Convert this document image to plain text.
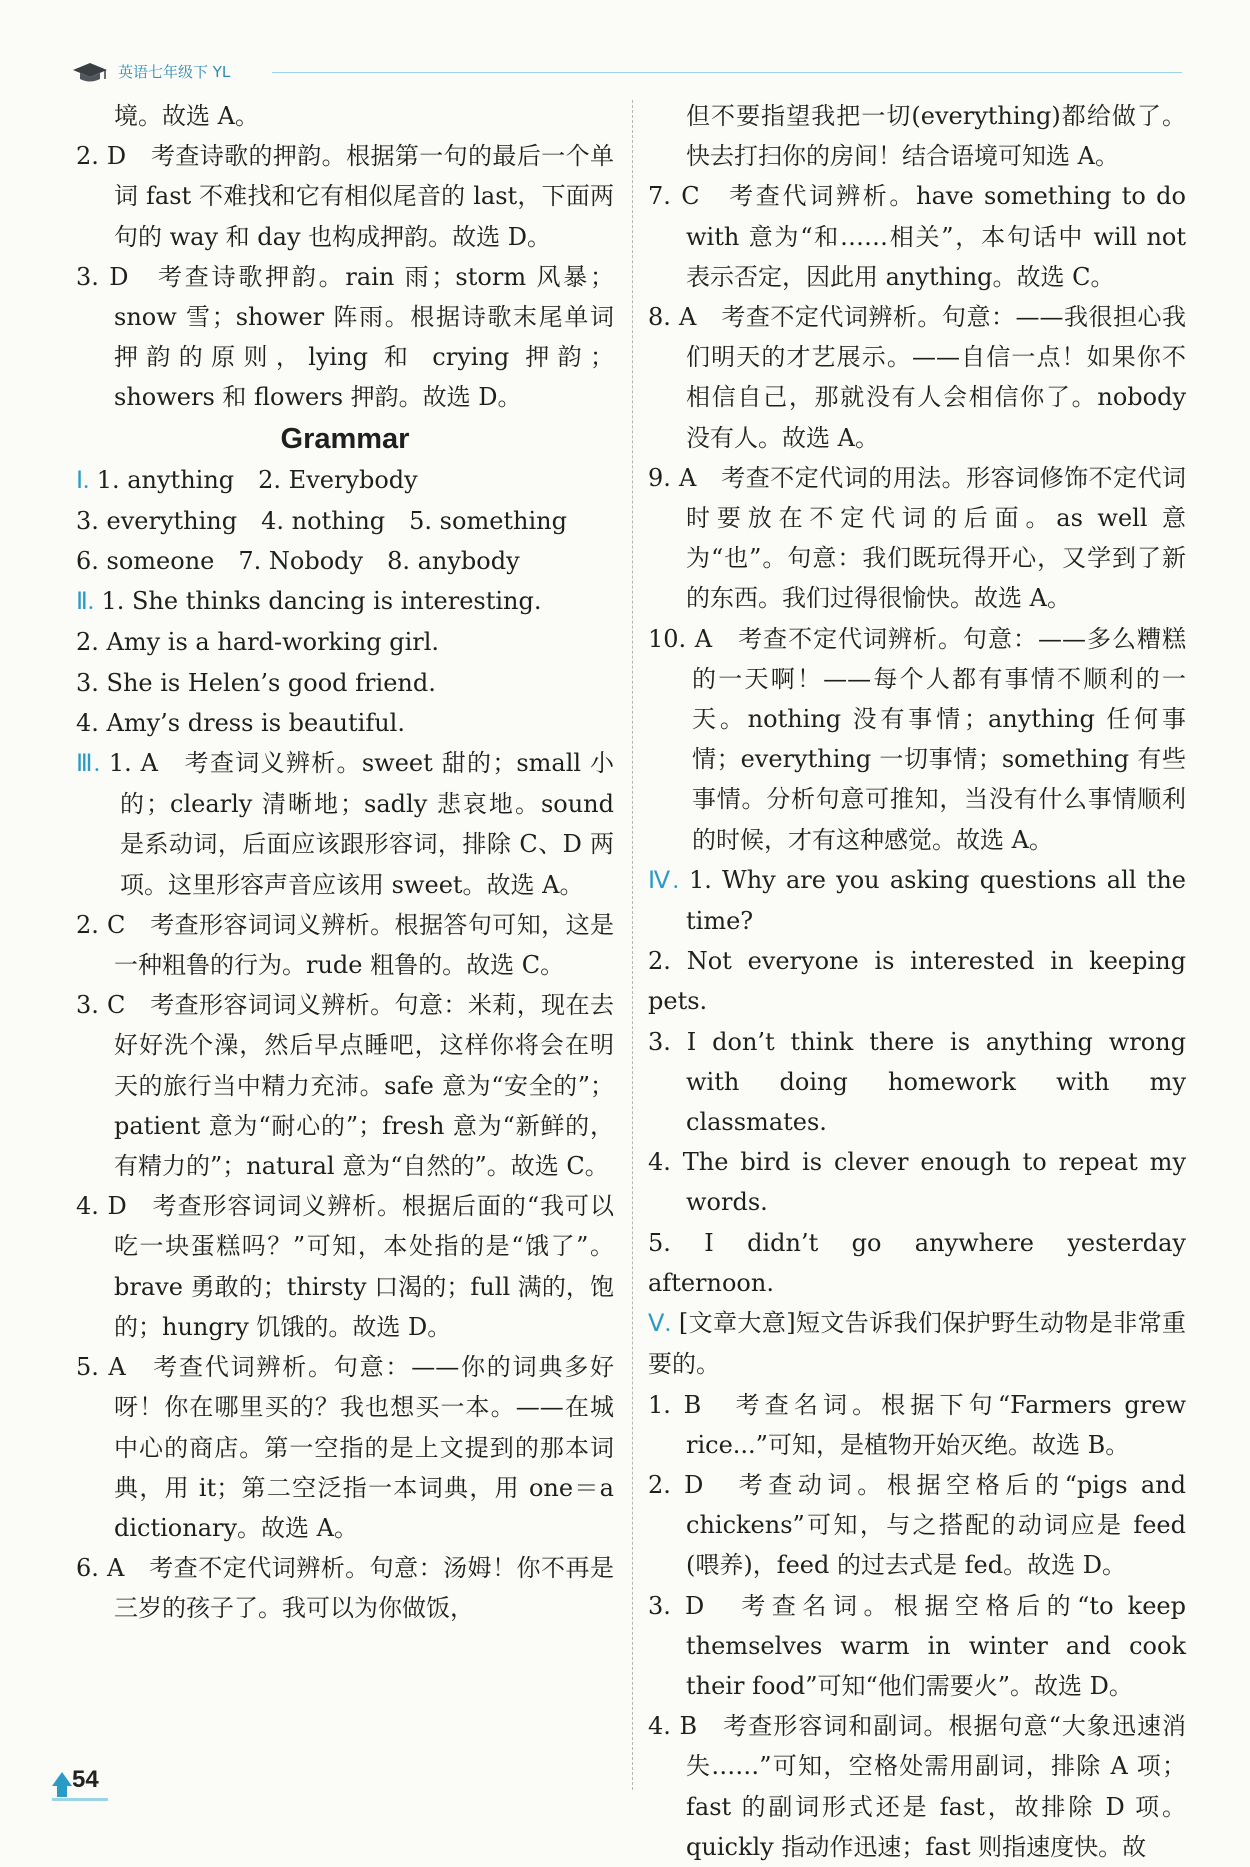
英语七年级下 YL

境。故选 A。

2. D　考查诗歌的押韵。根据第一句的最后一个单词 fast 不难找和它有相似尾音的 last，下面两句的 way 和 day 也构成押韵。故选 D。

3. D　考查诗歌押韵。rain 雨；storm 风暴；snow 雪；shower 阵雨。根据诗歌末尾单词押韵的原则，lying 和 crying 押韵；showers 和 flowers 押韵。故选 D。

Grammar

Ⅰ. 1. anything　2. Everybody

3. everything　4. nothing　5. something

6. someone　7. Nobody　8. anybody

Ⅱ. 1. She thinks dancing is interesting.

2. Amy is a hard-working girl.

3. She is Helen’s good friend.

4. Amy’s dress is beautiful.

Ⅲ. 1. A　考查词义辨析。sweet 甜的；small 小的；clearly 清晰地；sadly 悲哀地。sound 是系动词，后面应该跟形容词，排除 C、D 两项。这里形容声音应该用 sweet。故选 A。

2. C　考查形容词词义辨析。根据答句可知，这是一种粗鲁的行为。rude 粗鲁的。故选 C。

3. C　考查形容词词义辨析。句意：米莉，现在去好好洗个澡，然后早点睡吧，这样你将会在明天的旅行当中精力充沛。safe 意为“安全的”；patient 意为“耐心的”；fresh 意为“新鲜的，有精力的”；natural 意为“自然的”。故选 C。

4. D　考查形容词词义辨析。根据后面的“我可以吃一块蛋糕吗？”可知，本处指的是“饿了”。brave 勇敢的；thirsty 口渴的；full 满的，饱的；hungry 饥饿的。故选 D。

5. A　考查代词辨析。句意：——你的词典多好呀！你在哪里买的？我也想买一本。——在城中心的商店。第一空指的是上文提到的那本词典，用 it；第二空泛指一本词典，用 one＝a dictionary。故选 A。

6. A　考查不定代词辨析。句意：汤姆！你不再是三岁的孩子了。我可以为你做饭，

但不要指望我把一切(everything)都给做了。快去打扫你的房间！结合语境可知选 A。

7. C　考查代词辨析。have something to do with 意为“和……相关”，本句话中 will not 表示否定，因此用 anything。故选 C。

8. A　考查不定代词辨析。句意：——我很担心我们明天的才艺展示。——自信一点！如果你不相信自己，那就没有人会相信你了。nobody 没有人。故选 A。

9. A　考查不定代词的用法。形容词修饰不定代词时要放在不定代词的后面。as well 意为“也”。句意：我们既玩得开心，又学到了新的东西。我们过得很愉快。故选 A。

10. A　考查不定代词辨析。句意：——多么糟糕的一天啊！——每个人都有事情不顺利的一天。nothing 没有事情；anything 任何事情；everything 一切事情；something 有些事情。分析句意可推知，当没有什么事情顺利的时候，才有这种感觉。故选 A。

Ⅳ. 1. Why are you asking questions all the time?

2. Not everyone is interested in keeping pets.

3. I don’t think there is anything wrong with doing homework with my classmates.

4. The bird is clever enough to repeat my words.

5. I didn’t go anywhere yesterday afternoon.

Ⅴ. [文章大意]短文告诉我们保护野生动物是非常重要的。

1. B　考查名词。根据下句“Farmers grew rice...”可知，是植物开始灭绝。故选 B。

2. D　考查动词。根据空格后的“pigs and chickens”可知，与之搭配的动词应是 feed (喂养)，feed 的过去式是 fed。故选 D。

3. D　考查名词。根据空格后的“to keep themselves warm in winter and cook their food”可知“他们需要火”。故选 D。

4. B　考查形容词和副词。根据句意“大象迅速消失……”可知，空格处需用副词，排除 A 项；fast 的副词形式还是 fast，故排除 D 项。quickly 指动作迅速；fast 则指速度快。故

54
